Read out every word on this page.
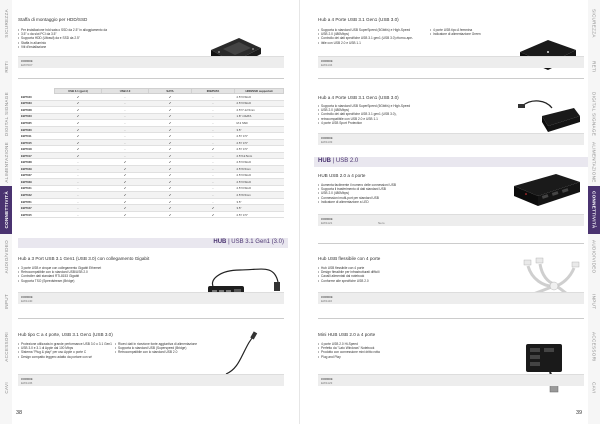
SICUREZZA
RETI
DIGITAL SIGNAGE
ALIMENTAZIONE
CONNETTIVITÀ
AUDIO/VIDEO
INPUT
ACCESSORI
CAVI
SICUREZZA
RETI
DIGITAL SIGNAGE
ALIMENTAZIONE
CONNETTIVITÀ
AUDIO/VIDEO
INPUT
ACCESSORI
CAVI
Staffa di montaggio per HDD/SSD
• Per installazione hdd sata o SSD da 2.5" in alloggiamento da
• 3.5" o da slot PCI da 3.5"
• Supporta HDD (Ultrasil) da e SSD da 2.5"
• Staffa in alluminio
• Viti d'installazione
CODICE
EW7007
	USB 3.1 (gen1)	USB 2.0	SATA	IDE/PATA	HDD/SSD supportati
EW7040	✔	-	✔	-	2.5"/3.5inch
EW7033	✔	-	✔	-	2.5"/3.5inch
EW7028	✔	-	✔	-	2.5"/7-12.5mm
EW7023	✔	-	✔	-	1.8" mSATA
EW7025	✔	-	✔	-	M.2 SSD
EW7030	✔	-	✔	-	3.5"
EW7011	✔	-	✔	-	2.5"/ 3.5"
EW7015	✔	-	✔	-	2.5"/ 3.5"
EW7018	✔	-	✔	✔	2.5"/ 3.5"
EW7017	✔	-	✔	-	2.5"/12.5mm
EW7038	-	✔	✔	-	2.5"/3.5inch
EW7049	-	✔	✔	-	2.5"/9.5mm
EW7027	-	✔	✔	-	2.5"/3.5inch
EW7029	-	✔	✔	-	2.5"/3.5inch
EW7041	-	✔	✔	-	2.5"/3.5inch
EW7042	-	✔	✔	-	2.5"/9.5mm
EW7051	-	✔	✔	-	3.5"
EW7047	-	✔	✔	✔	3.5"
EW7015	-	✔	✔	✔	2.5"/ 3.5"
HUB | USB 3.1 Gen1 (3.0)
Hub a 3 Port USB 3.1 Gen1 (USB 3.0) con collegamento Gigabit
• 3 porte USB e cinque con collegamento Gigabit Ethernet
• Retrocompatibile con lo standard USB/USB 2.0
• Controller dati standard RTL8153 Gigabit
• Supporta TSO (Speedstream (Bridge)
CODICE
EW1140
Hub tipo C a 4 porte, USB 3.1 Gen1 (USB 3.0)
• Protezione utilizzata in grande performance USB 3.0 o 3.1 Gen1
• USB 3.0 e 3.1 di Apple dal 100 Mbps
• Sistema "Plug & play" per uso Apple o porte C
• Design compatto leggero adatto da portare con sé
• Ricevi dati in ricezione fonte aggiuntiva di alimentazione
• Supporta lo standard USB (Superspeed (Bridge)
• Retrocompatibile con lo standard USB 2.0
CODICE
EW1136
38
Hub a 4 Porte USB 3.1 Gen1 (USB 3.0)
• Supporta lo standard USB SuperSpeed (5Gbit/s) e High-Speed
• USB 2.0 (480Mbps)
• Controllo dei dati specifiche USB 3.1 gen1 (USB 3.0) ritorno-ape-
• ibile con USB 2.0 e USB 1.1
• 4 porte USB tipo A femmina
• Indicatore di alimentazione Green
CODICE
EW1134
Hub a 4 Porte USB 3.1 Gen1 (USB 3.0)
• Supporta lo standard USB SuperSpeed (5Gbit/s) e High-Speed
• USB 2.0 (480Mbps)
• Controllo dei dati specifiche USB 3.1 gen1 (USB 3.0),
• retrocompatibile con USB 2.0 e USB 1.1
• 4 porte USB Sport Protection
CODICE
EW1133
HUB | USB 2.0
HUB USB 2.0 a 4 porte
• Aumenta facilmente il numero delle connessioni USB
• Supporta il trasferimento di dati standard USB
• USB 2.0 (480Mbps)
• Connessioni multi-port per standard USB
• Indicatore di alimentazione a LED
CODICE
EW1121	Nero
Hub USB flessibile con 4 porte
• Hub USB flessibile con 4 porte
• Design flessibile per infrastrutturati difficili
• Cavalli alimentati dal notebook
• Conforme alle specifiche USB 2.0
CODICE
EW1116
Mini HUB USB 2.0 a 4 porte
• 4 porte USB 2.0 Hi-Speed
• Perfetto da "Lato Windows" Notebook
• Prodotto con connessione mini dritto rotta
• Plug and Play
CODICE
EW1123
39
